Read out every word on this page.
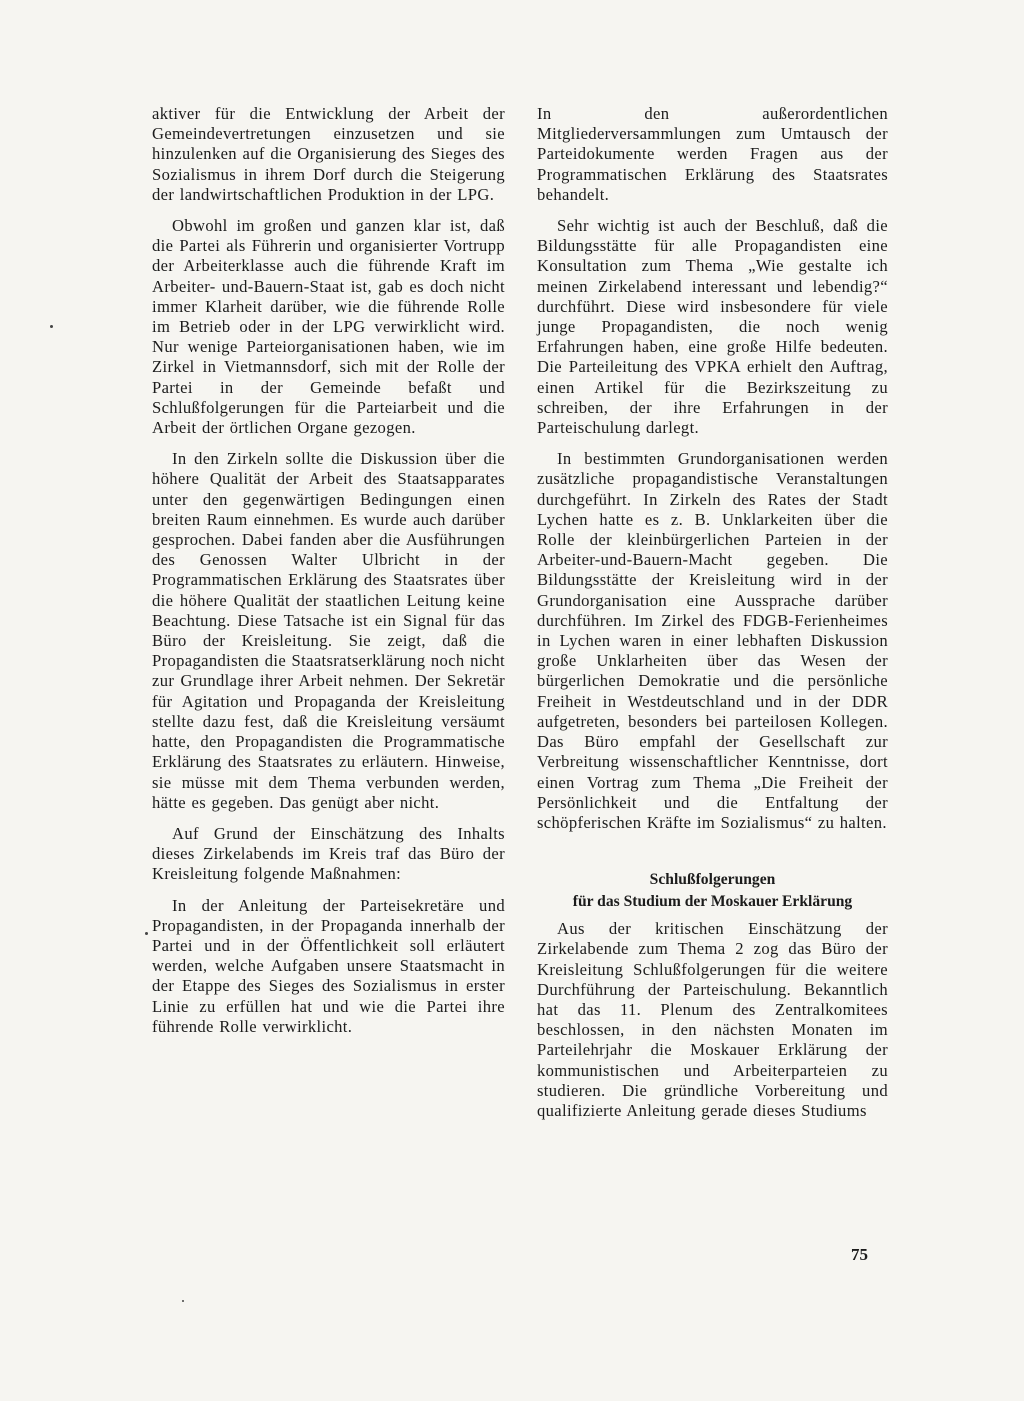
aktiver für die Entwicklung der Arbeit der Gemeindevertretungen einzusetzen und sie hinzulenken auf die Organisierung des Sieges des Sozialismus in ihrem Dorf durch die Steigerung der landwirtschaftlichen Produktion in der LPG.

Obwohl im großen und ganzen klar ist, daß die Partei als Führerin und organisierter Vortrupp der Arbeiterklasse auch die führende Kraft im Arbeiter- und-Bauern-Staat ist, gab es doch nicht immer Klarheit darüber, wie die führende Rolle im Betrieb oder in der LPG verwirklicht wird. Nur wenige Parteiorganisationen haben, wie im Zirkel in Vietmannsdorf, sich mit der Rolle der Partei in der Gemeinde befaßt und Schlußfolgerungen für die Parteiarbeit und die Arbeit der örtlichen Organe gezogen.

In den Zirkeln sollte die Diskussion über die höhere Qualität der Arbeit des Staatsapparates unter den gegenwärtigen Bedingungen einen breiten Raum einnehmen. Es wurde auch darüber gesprochen. Dabei fanden aber die Ausführungen des Genossen Walter Ulbricht in der Programmatischen Erklärung des Staatsrates über die höhere Qualität der staatlichen Leitung keine Beachtung. Diese Tatsache ist ein Signal für das Büro der Kreisleitung. Sie zeigt, daß die Propagandisten die Staatsratserklärung noch nicht zur Grundlage ihrer Arbeit nehmen. Der Sekretär für Agitation und Propaganda der Kreisleitung stellte dazu fest, daß die Kreisleitung versäumt hatte, den Propagandisten die Programmatische Erklärung des Staatsrates zu erläutern. Hinweise, sie müsse mit dem Thema verbunden werden, hätte es gegeben. Das genügt aber nicht.

Auf Grund der Einschätzung des Inhalts dieses Zirkelabends im Kreis traf das Büro der Kreisleitung folgende Maßnahmen:

In der Anleitung der Parteisekretäre und Propagandisten, in der Propaganda innerhalb der Partei und in der Öffentlichkeit soll erläutert werden, welche Aufgaben unsere Staatsmacht in der Etappe des Sieges des Sozialismus in erster Linie zu erfüllen hat und wie die Partei ihre führende Rolle verwirklicht.

In den außerordentlichen Mitgliederversammlungen zum Umtausch der Parteidokumente werden Fragen aus der Programmatischen Erklärung des Staatsrates behandelt.

Sehr wichtig ist auch der Beschluß, daß die Bildungsstätte für alle Propagandisten eine Konsultation zum Thema „Wie gestalte ich meinen Zirkelabend interessant und lebendig?“ durchführt. Diese wird insbesondere für viele junge Propagandisten, die noch wenig Erfahrungen haben, eine große Hilfe bedeuten. Die Parteileitung des VPKA erhielt den Auftrag, einen Artikel für die Bezirkszeitung zu schreiben, der ihre Erfahrungen in der Parteischulung darlegt.

In bestimmten Grundorganisationen werden zusätzliche propagandistische Veranstaltungen durchgeführt. In Zirkeln des Rates der Stadt Lychen hatte es z. B. Unklarkeiten über die Rolle der kleinbürgerlichen Parteien in der Arbeiter-und-Bauern-Macht gegeben. Die Bildungsstätte der Kreisleitung wird in der Grundorganisation eine Aussprache darüber durchführen. Im Zirkel des FDGB-Ferienheimes in Lychen waren in einer lebhaften Diskussion große Unklarheiten über das Wesen der bürgerlichen Demokratie und die persönliche Freiheit in Westdeutschland und in der DDR aufgetreten, besonders bei parteilosen Kollegen. Das Büro empfahl der Gesellschaft zur Verbreitung wissenschaftlicher Kenntnisse, dort einen Vortrag zum Thema „Die Freiheit der Persönlichkeit und die Entfaltung der schöpferischen Kräfte im Sozialismus“ zu halten.

Schlußfolgerungen
für das Studium der Moskauer Erklärung

Aus der kritischen Einschätzung der Zirkelabende zum Thema 2 zog das Büro der Kreisleitung Schlußfolgerungen für die weitere Durchführung der Parteischulung. Bekanntlich hat das 11. Plenum des Zentralkomitees beschlossen, in den nächsten Monaten im Parteilehrjahr die Moskauer Erklärung der kommunistischen und Arbeiterparteien zu studieren. Die gründliche Vorbereitung und qualifizierte Anleitung gerade dieses Studiums

75
